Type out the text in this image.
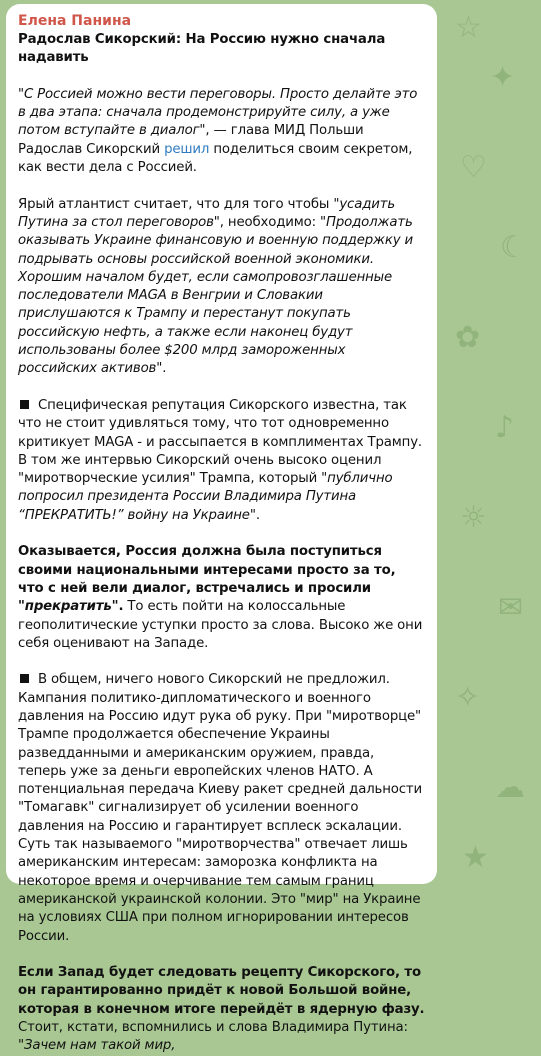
☆
✦
♡
☾
✿
♪
☼
✉
✧
☁
★
Елена Панина

Радослав Сикорский: На Россию нужно сначала надавить

"С Россией можно вести переговоры. Просто делайте это в два этапа: сначала продемонстрируйте силу, а уже потом вступайте в диалог", — глава МИД Польши Радослав Сикорский решил поделиться своим секретом, как вести дела с Россией.

Ярый атлантист считает, что для того чтобы "усадить Путина за стол переговоров", необходимо: "Продолжать оказывать Украине финансовую и военную поддержку и подрывать основы российской военной экономики. Хорошим началом будет, если самопровозглашенные последователи MAGA в Венгрии и Словакии прислушаются к Трампу и перестанут покупать российскую нефть, а также если наконец будут использованы более $200 млрд замороженных российских активов".

Специфическая репутация Сикорского известна, так что не стоит удивляться тому, что тот одновременно критикует MAGA - и рассыпается в комплиментах Трампу. В том же интервью Сикорский очень высоко оценил "миротворческие усилия" Трампа, который "публично попросил президента России Владимира Путина “ПРЕКРАТИТЬ!” войну на Украине".

Оказывается, Россия должна была поступиться своими национальными интересами просто за то, что с ней вели диалог, встречались и просили "прекратить". То есть пойти на колоссальные геополитические уступки просто за слова. Высоко же они себя оценивают на Западе.

В общем, ничего нового Сикорский не предложил. Кампания политико-дипломатического и военного давления на Россию идут рука об руку. При "миротворце" Трампе продолжается обеспечение Украины разведданными и американским оружием, правда, теперь уже за деньги европейских членов НАТО. А потенциальная передача Киеву ракет средней дальности "Томагавк" сигнализирует об усилении военного давления на Россию и гарантирует всплеск эскалации. Суть так называемого "миротворчества" отвечает лишь американским интересам: заморозка конфликта на некоторое время и очерчивание тем самым границ американской украинской колонии. Это "мир" на Украине на условиях США при полном игнорировании интересов России.

Если Запад будет следовать рецепту Сикорского, то он гарантированно придёт к новой Большой войне, которая в конечном итоге перейдёт в ядерную фазу. Стоит, кстати, вспомнились и слова Владимира Путина: "Зачем нам такой мир,
